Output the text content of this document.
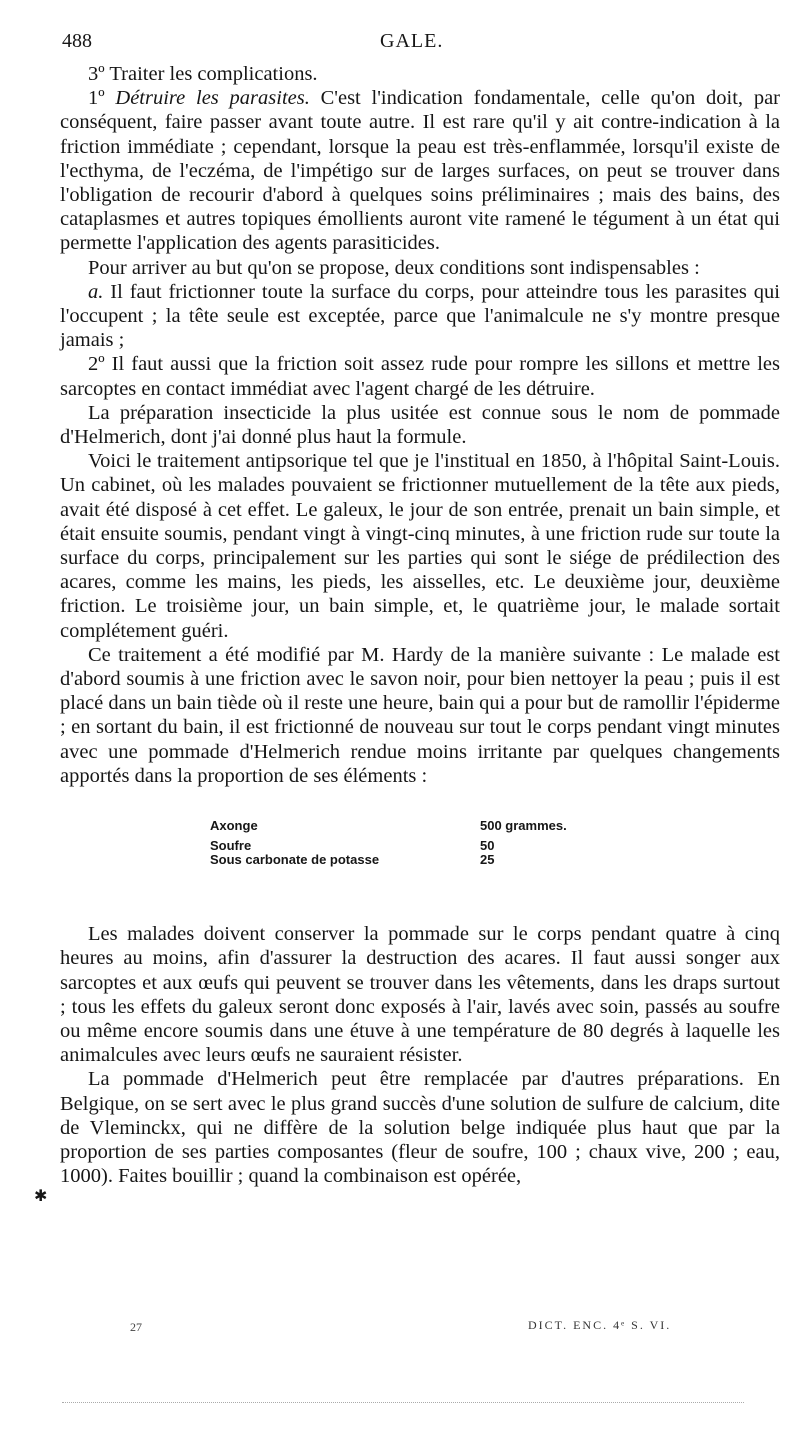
488	GALE.

3º Traiter les complications.

1º Détruire les parasites. C'est l'indication fondamentale, celle qu'on doit, par conséquent, faire passer avant toute autre. Il est rare qu'il y ait contre-indication à la friction immédiate ; cependant, lorsque la peau est très-enflammée, lorsqu'il existe de l'ecthyma, de l'eczéma, de l'impétigo sur de larges surfaces, on peut se trouver dans l'obligation de recourir d'abord à quelques soins préliminaires ; mais des bains, des cataplasmes et autres topiques émollients auront vite ramené le tégument à un état qui permette l'application des agents parasiticides.

Pour arriver au but qu'on se propose, deux conditions sont indispensables :

a. Il faut frictionner toute la surface du corps, pour atteindre tous les parasites qui l'occupent ; la tête seule est exceptée, parce que l'animalcule ne s'y montre presque jamais ;

2º Il faut aussi que la friction soit assez rude pour rompre les sillons et mettre les sarcoptes en contact immédiat avec l'agent chargé de les détruire.

La préparation insecticide la plus usitée est connue sous le nom de pommade d'Helmerich, dont j'ai donné plus haut la formule.

Voici le traitement antipsorique tel que je l'institual en 1850, à l'hôpital Saint-Louis. Un cabinet, où les malades pouvaient se frictionner mutuellement de la tête aux pieds, avait été disposé à cet effet. Le galeux, le jour de son entrée, prenait un bain simple, et était ensuite soumis, pendant vingt à vingt-cinq minutes, à une friction rude sur toute la surface du corps, principalement sur les parties qui sont le siége de prédilection des acares, comme les mains, les pieds, les aisselles, etc. Le deuxième jour, deuxième friction. Le troisième jour, un bain simple, et, le quatrième jour, le malade sortait complétement guéri.

Ce traitement a été modifié par M. Hardy de la manière suivante : Le malade est d'abord soumis à une friction avec le savon noir, pour bien nettoyer la peau ; puis il est placé dans un bain tiède où il reste une heure, bain qui a pour but de ramollir l'épiderme ; en sortant du bain, il est frictionné de nouveau sur tout le corps pendant vingt minutes avec une pommade d'Helmerich rendue moins irritante par quelques changements apportés dans la proportion de ses éléments :

Axonge	500 grammes.
Soufre	50
Sous carbonate de potasse	25

Les malades doivent conserver la pommade sur le corps pendant quatre à cinq heures au moins, afin d'assurer la destruction des acares. Il faut aussi songer aux sarcoptes et aux œufs qui peuvent se trouver dans les vêtements, dans les draps surtout ; tous les effets du galeux seront donc exposés à l'air, lavés avec soin, passés au soufre ou même encore soumis dans une étuve à une température de 80 degrés à laquelle les animalcules avec leurs œufs ne sauraient résister.

La pommade d'Helmerich peut être remplacée par d'autres préparations. En Belgique, on se sert avec le plus grand succès d'une solution de sulfure de calcium, dite de Vleminckx, qui ne diffère de la solution belge indiquée plus haut que par la proportion de ses parties composantes (fleur de soufre, 100 ; chaux vive, 200 ; eau, 1000). Faites bouillir ; quand la combinaison est opérée,

✱
27	DICT. ENC. 4ᵉ S. VI.
